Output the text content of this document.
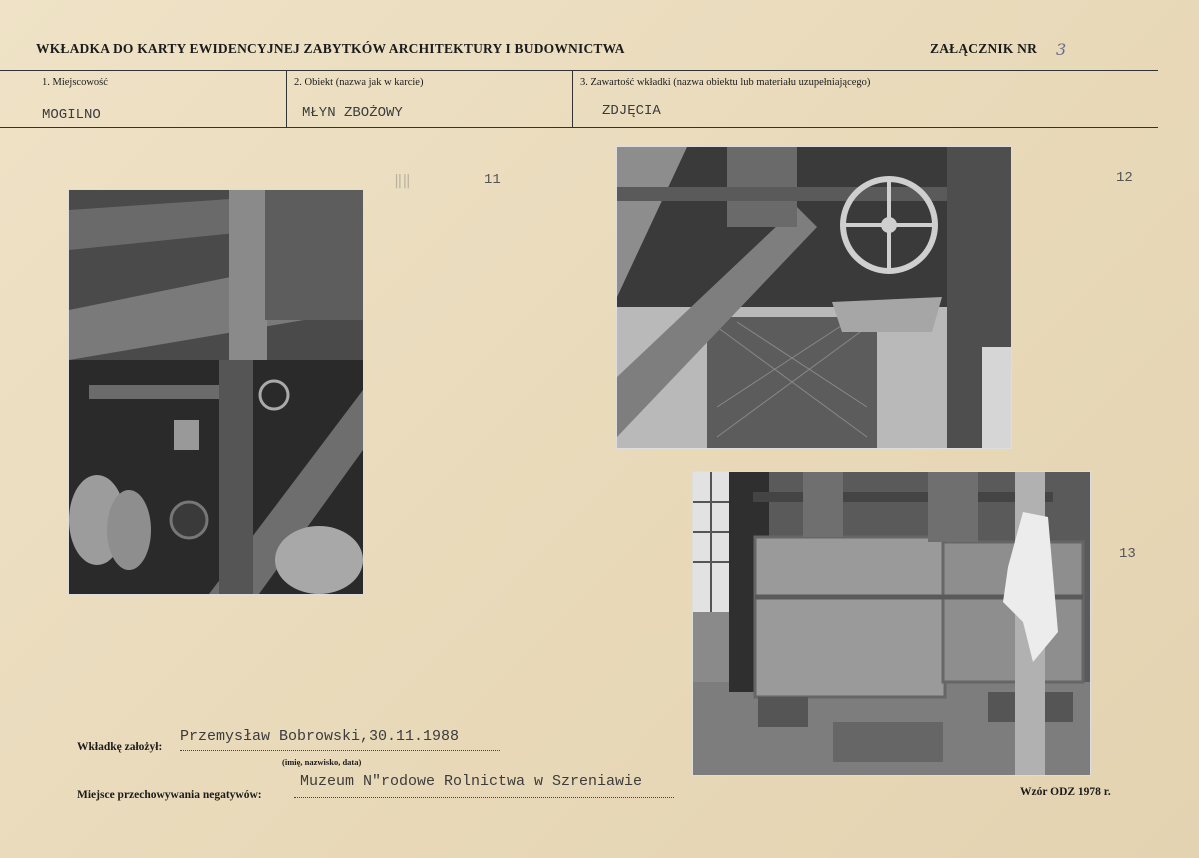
WKŁADKA DO KARTY EWIDENCYJNEJ ZABYTKÓW ARCHITEKTURY I BUDOWNICTWA	ZAŁĄCZNIK NR 3
1. Miejscowość
MOGILNO
2. Obiekt (nazwa jak w karcie)
MŁYN ZBOŻOWY
3. Zawartość wkładki (nazwa obiektu lub materiału uzupełniającego)
ZDJĘCIA
‖‖	11	12
13
Wkładkę założył:
Przemysław Bobrowski,30.11.1988
(imię, nazwisko, data)
Miejsce przechowywania negatywów:
Muzeum N"rodowe Rolnictwa w Szreniawie
Wzór ODZ 1978 r.
